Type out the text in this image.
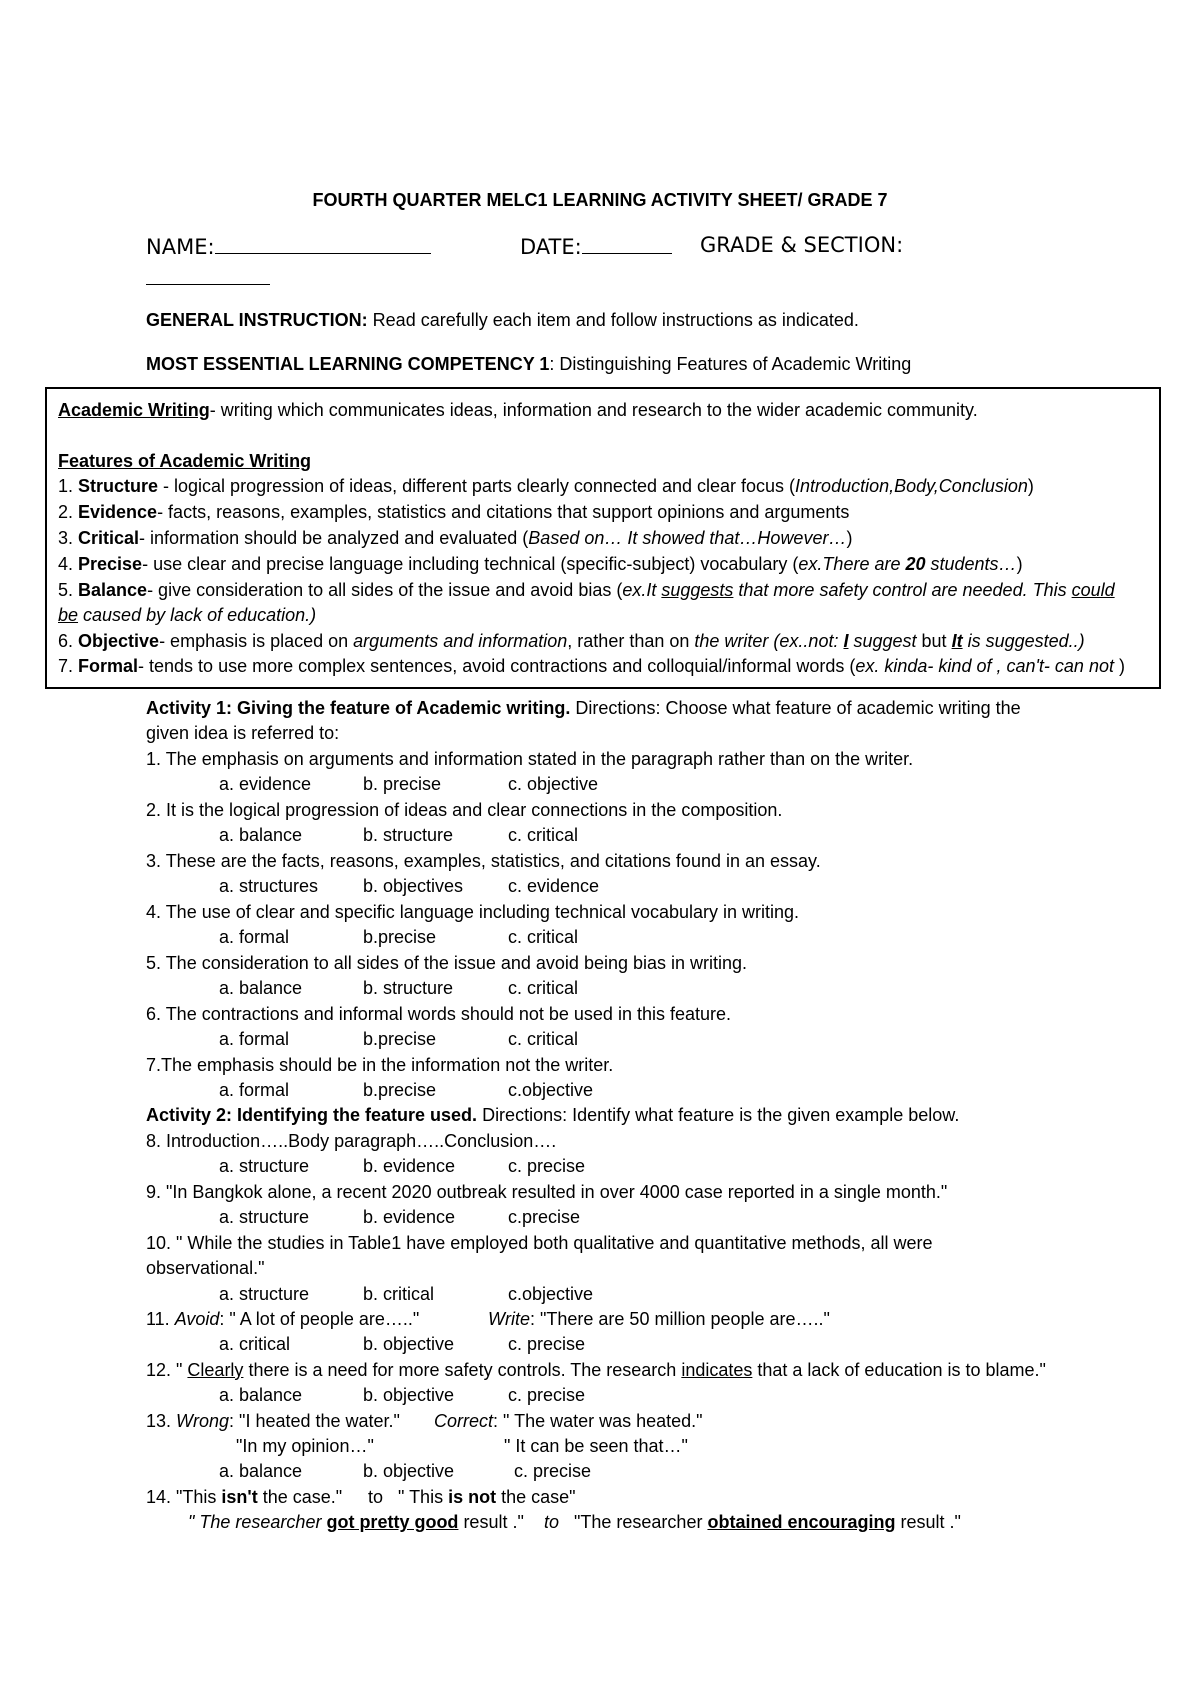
FOURTH QUARTER MELC1 LEARNING ACTIVITY SHEET/ GRADE 7
NAME:	DATE:	GRADE & SECTION:
GENERAL INSTRUCTION: Read carefully each item and follow instructions as indicated.
MOST ESSENTIAL LEARNING COMPETENCY 1: Distinguishing Features of Academic Writing
Academic Writing- writing which communicates ideas, information and research to the wider academic community.
Features of Academic Writing
1. Structure - logical progression of ideas, different parts clearly connected and clear focus (Introduction,Body,Conclusion)
2. Evidence- facts, reasons, examples, statistics and citations that support opinions and arguments
3. Critical- information should be analyzed and evaluated (Based on… It showed that…However…)
4. Precise- use clear and precise language including technical (specific-subject) vocabulary (ex.There are 20 students…)
5. Balance- give consideration to all sides of the issue and avoid bias (ex.It suggests that more safety control are needed. This could
be caused by lack of education.)
6. Objective- emphasis is placed on arguments and information, rather than on the writer (ex..not: I suggest but It is suggested..)
7. Formal- tends to use more complex sentences, avoid contractions and colloquial/informal words (ex. kinda- kind of , can't- can not )
Activity 1: Giving the feature of Academic writing. Directions: Choose what feature of academic writing the
given idea is referred to:
1. The emphasis on arguments and information stated in the paragraph rather than on the writer.
a. evidence	b. precise	c. objective
2. It is the logical progression of ideas and clear connections in the composition.
a. balance	b. structure	c. critical
3. These are the facts, reasons, examples, statistics, and citations found in an essay.
a. structures b. objectives c. evidence
4. The use of clear and specific language including technical vocabulary in writing.
a. formal	b.precise	c. critical
5. The consideration to all sides of the issue and avoid being bias in writing.
a. balance	b. structure	c. critical
6. The contractions and informal words should not be used in this feature.
a. formal	b.precise	c. critical
7.The emphasis should be in the information not the writer.
a. formal	b.precise	c.objective
Activity 2: Identifying the feature used. Directions: Identify what feature is the given example below.
8. Introduction…..Body paragraph…..Conclusion….
a. structure	b. evidence	c. precise
9. "In Bangkok alone, a recent 2020 outbreak resulted in over 4000 case reported in a single month."
a. structure	b. evidence	c.precise
10. " While the studies in Table1 have employed both qualitative and quantitative methods, all were
observational."
a. structure	b. critical	c.objective
11. Avoid: " A lot of people are….."	Write: "There are 50 million people are….."
a. critical	b. objective	c. precise
12. " Clearly there is a need for more safety controls. The research indicates that a lack of education is to blame."
a. balance	b. objective	c. precise
13. Wrong: "I heated the water." Correct: " The water was heated."
"In my opinion…"	" It can be seen that…"
a. balance	b. objective	c. precise
14. "This isn't the case." to " This is not the case"
" The researcher got pretty good result ." to "The researcher obtained encouraging result ."
